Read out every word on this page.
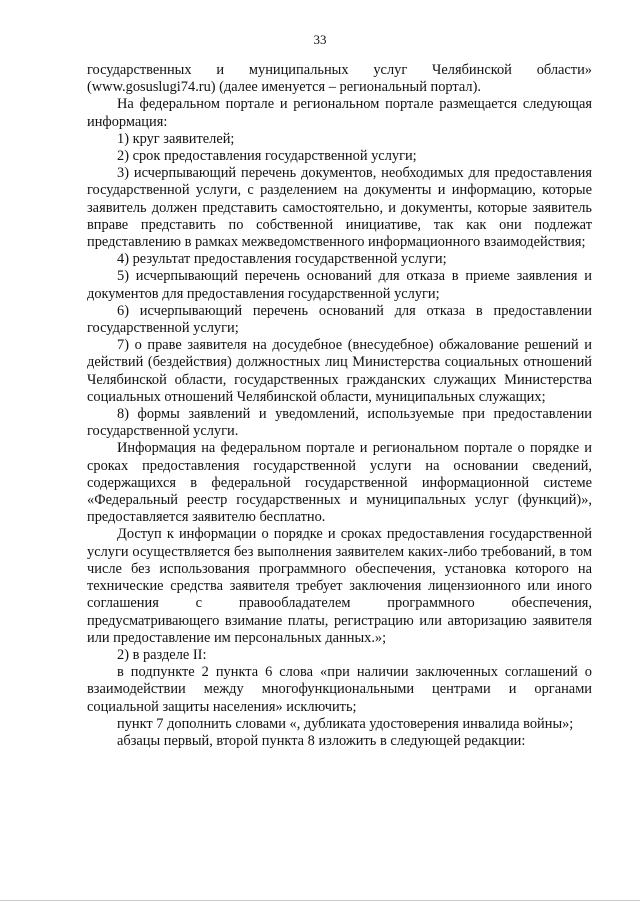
33

государственных и муниципальных услуг Челябинской области» (www.gosuslugi74.ru) (далее именуется – региональный портал).

На федеральном портале и региональном портале размещается следующая информация:

1) круг заявителей;

2) срок предоставления государственной услуги;

3) исчерпывающий перечень документов, необходимых для предоставления государственной услуги, с разделением на документы и информацию, которые заявитель должен представить самостоятельно, и документы, которые заявитель вправе представить по собственной инициативе, так как они подлежат представлению в рамках межведомственного информационного взаимодействия;

4) результат предоставления государственной услуги;

5) исчерпывающий перечень оснований для отказа в приеме заявления и документов для предоставления государственной услуги;

6) исчерпывающий перечень оснований для отказа в предоставлении государственной услуги;

7) о праве заявителя на досудебное (внесудебное) обжалование решений и действий (бездействия) должностных лиц Министерства социальных отношений Челябинской области, государственных гражданских служащих Министерства социальных отношений Челябинской области, муниципальных служащих;

8) формы заявлений и уведомлений, используемые при предоставлении государственной услуги.

Информация на федеральном портале и региональном портале о порядке и сроках предоставления государственной услуги на основании сведений, содержащихся в федеральной государственной информационной системе «Федеральный реестр государственных и муниципальных услуг (функций)», предоставляется заявителю бесплатно.

Доступ к информации о порядке и сроках предоставления государственной услуги осуществляется без выполнения заявителем каких-либо требований, в том числе без использования программного обеспечения, установка которого на технические средства заявителя требует заключения лицензионного или иного соглашения с правообладателем программного обеспечения, предусматривающего взимание платы, регистрацию или авторизацию заявителя или предоставление им персональных данных.»;

2) в разделе II:

в подпункте 2 пункта 6 слова «при наличии заключенных соглашений о взаимодействии между многофункциональными центрами и органами социальной защиты населения» исключить;

пункт 7 дополнить словами «, дубликата удостоверения инвалида войны»;

абзацы первый, второй пункта 8 изложить в следующей редакции:
